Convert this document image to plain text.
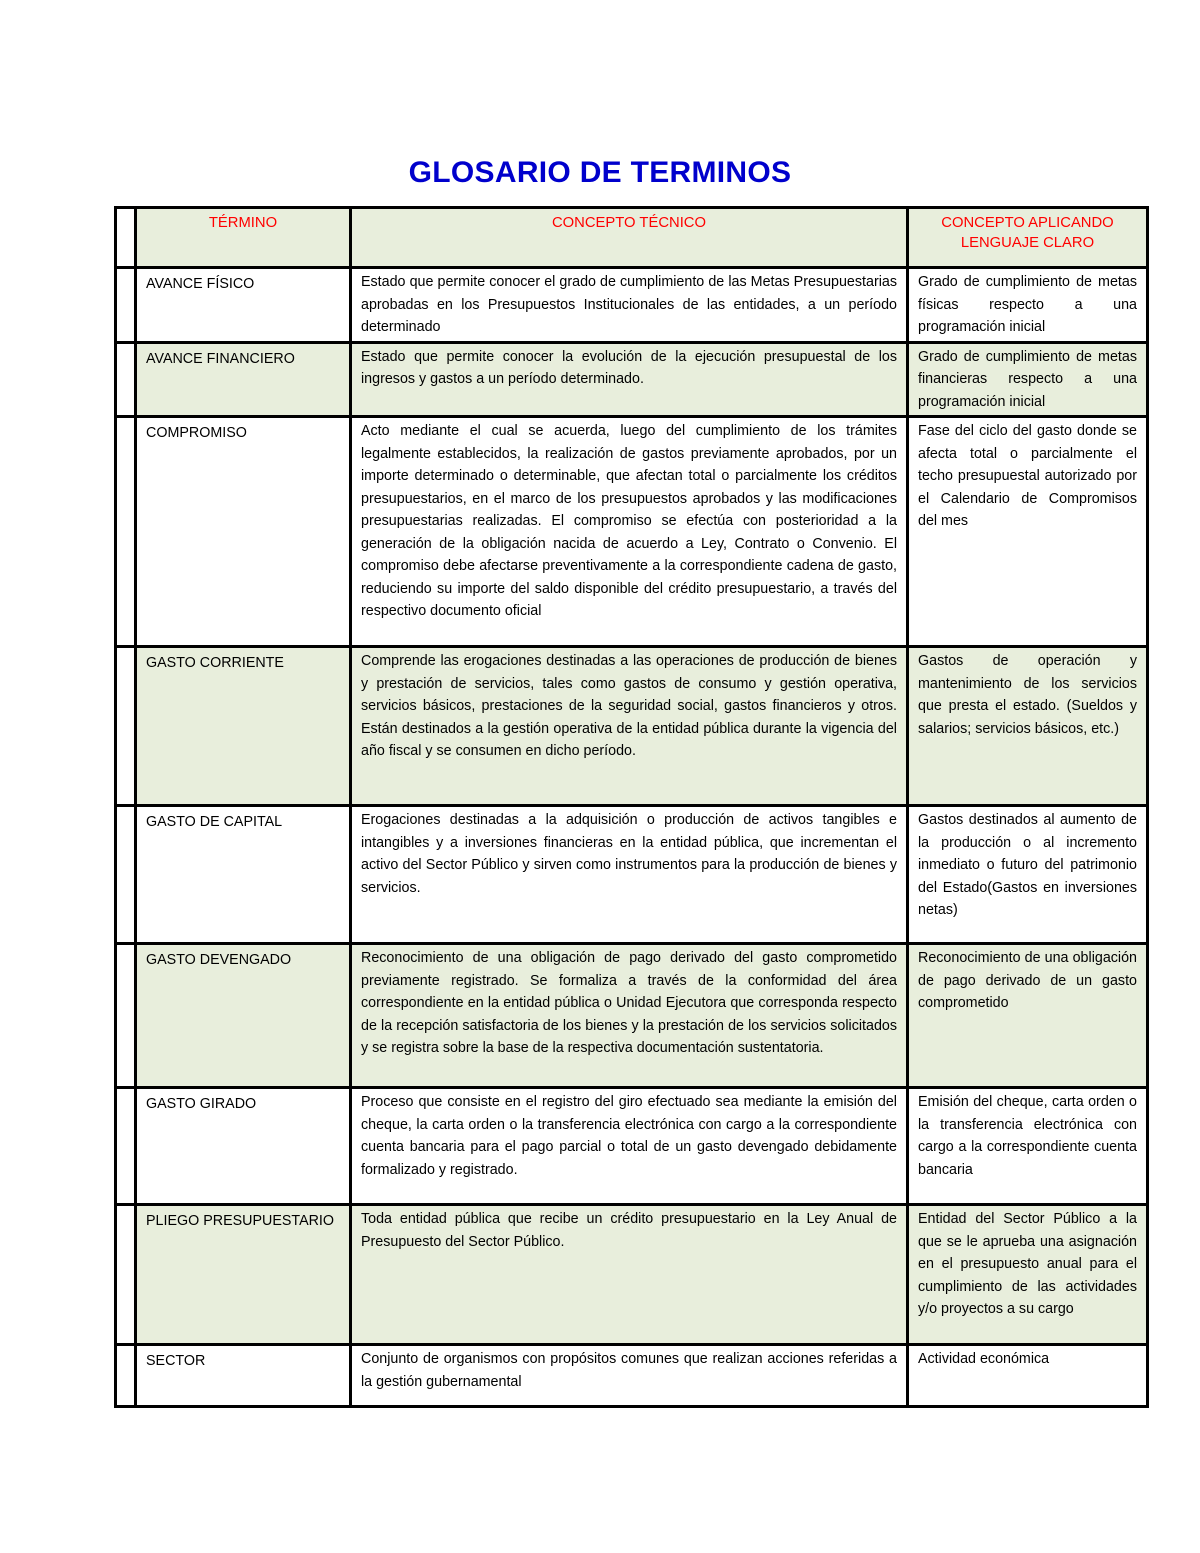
GLOSARIO DE TERMINOS
	TÉRMINO	CONCEPTO TÉCNICO	CONCEPTO APLICANDO LENGUAJE CLARO
	AVANCE FÍSICO	Estado que permite conocer el grado de cumplimiento de las Metas Presupuestarias aprobadas en los Presupuestos Institucionales de las entidades, a un período determinado	Grado de cumplimiento de metas físicas respecto a una programación inicial
	AVANCE FINANCIERO	Estado que permite conocer la evolución de la ejecución presupuestal de los ingresos y gastos a un período determinado.	Grado de cumplimiento de metas financieras respecto a una programación inicial
	COMPROMISO	Acto mediante el cual se acuerda, luego del cumplimiento de los trámites legalmente establecidos, la realización de gastos previamente aprobados, por un importe determinado o determinable, que afectan total o parcialmente los créditos presupuestarios, en el marco de los presupuestos aprobados y las modificaciones presupuestarias realizadas. El compromiso se efectúa con posterioridad a la generación de la obligación nacida de acuerdo a Ley, Contrato o Convenio. El compromiso debe afectarse preventivamente a la correspondiente cadena de gasto, reduciendo su importe del saldo disponible del crédito presupuestario, a través del respectivo documento oficial	Fase del ciclo del gasto donde se afecta total o parcialmente el techo presupuestal autorizado por el Calendario de Compromisos del mes
	GASTO CORRIENTE	Comprende las erogaciones destinadas a las operaciones de producción de bienes y prestación de servicios, tales como gastos de consumo y gestión operativa, servicios básicos, prestaciones de la seguridad social, gastos financieros y otros. Están destinados a la gestión operativa de la entidad pública durante la vigencia del año fiscal y se consumen en dicho período.	Gastos de operación y mantenimiento de los servicios que presta el estado. (Sueldos y salarios; servicios básicos, etc.)
	GASTO DE CAPITAL	Erogaciones destinadas a la adquisición o producción de activos tangibles e intangibles y a inversiones financieras en la entidad pública, que incrementan el activo del Sector Público y sirven como instrumentos para la producción de bienes y servicios.	Gastos destinados al aumento de la producción o al incremento inmediato o futuro del patrimonio del Estado(Gastos en inversiones netas)
	GASTO DEVENGADO	Reconocimiento de una obligación de pago derivado del gasto comprometido previamente registrado. Se formaliza a través de la conformidad del área correspondiente en la entidad pública o Unidad Ejecutora que corresponda respecto de la recepción satisfactoria de los bienes y la prestación de los servicios solicitados y se registra sobre la base de la respectiva documentación sustentatoria.	Reconocimiento de una obligación de pago derivado de un gasto comprometido
	GASTO GIRADO	Proceso que consiste en el registro del giro efectuado sea mediante la emisión del cheque, la carta orden o la transferencia electrónica con cargo a la correspondiente cuenta bancaria para el pago parcial o total de un gasto devengado debidamente formalizado y registrado.	Emisión del cheque, carta orden o la transferencia electrónica con cargo a la correspondiente cuenta bancaria
	PLIEGO PRESUPUESTARIO	Toda entidad pública que recibe un crédito presupuestario en la Ley Anual de Presupuesto del Sector Público.	Entidad del Sector Público a la que se le aprueba una asignación en el presupuesto anual para el cumplimiento de las actividades y/o proyectos a su cargo
	SECTOR	Conjunto de organismos con propósitos comunes que realizan acciones referidas a la gestión gubernamental	Actividad económica
